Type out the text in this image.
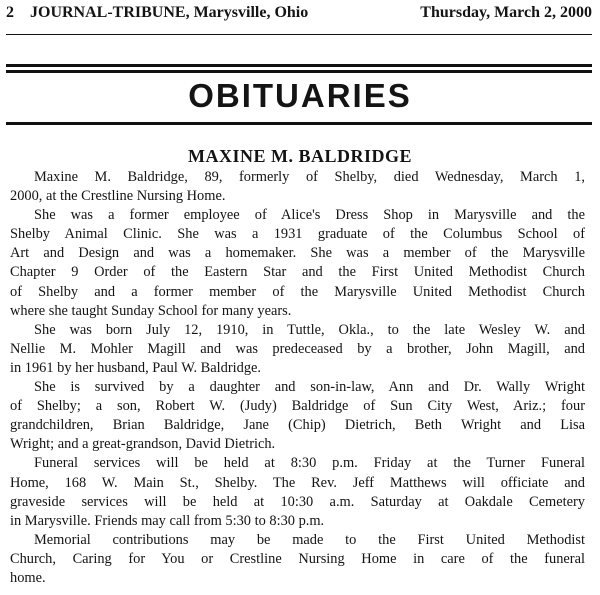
2 JOURNAL-TRIBUNE, Marysville, Ohio	Thursday, March 2, 2000
OBITUARIES
MAXINE M. BALDRIDGE

Maxine M. Baldridge, 89, formerly of Shelby, died Wednesday, March 1,
2000, at the Crestline Nursing Home.

She was a former employee of Alice's Dress Shop in Marysville and the
Shelby Animal Clinic. She was a 1931 graduate of the Columbus School of
Art and Design and was a homemaker. She was a member of the Marysville
Chapter 9 Order of the Eastern Star and the First United Methodist Church
of Shelby and a former member of the Marysville United Methodist Church
where she taught Sunday School for many years.

She was born July 12, 1910, in Tuttle, Okla., to the late Wesley W. and
Nellie M. Mohler Magill and was predeceased by a brother, John Magill, and
in 1961 by her husband, Paul W. Baldridge.

She is survived by a daughter and son-in-law, Ann and Dr. Wally Wright
of Shelby; a son, Robert W. (Judy) Baldridge of Sun City West, Ariz.; four
grandchildren, Brian Baldridge, Jane (Chip) Dietrich, Beth Wright and Lisa
Wright; and a great-grandson, David Dietrich.

Funeral services will be held at 8:30 p.m. Friday at the Turner Funeral
Home, 168 W. Main St., Shelby. The Rev. Jeff Matthews will officiate and
graveside services will be held at 10:30 a.m. Saturday at Oakdale Cemetery
in Marysville. Friends may call from 5:30 to 8:30 p.m.

Memorial contributions may be made to the First United Methodist
Church, Caring for You or Crestline Nursing Home in care of the funeral
home.
